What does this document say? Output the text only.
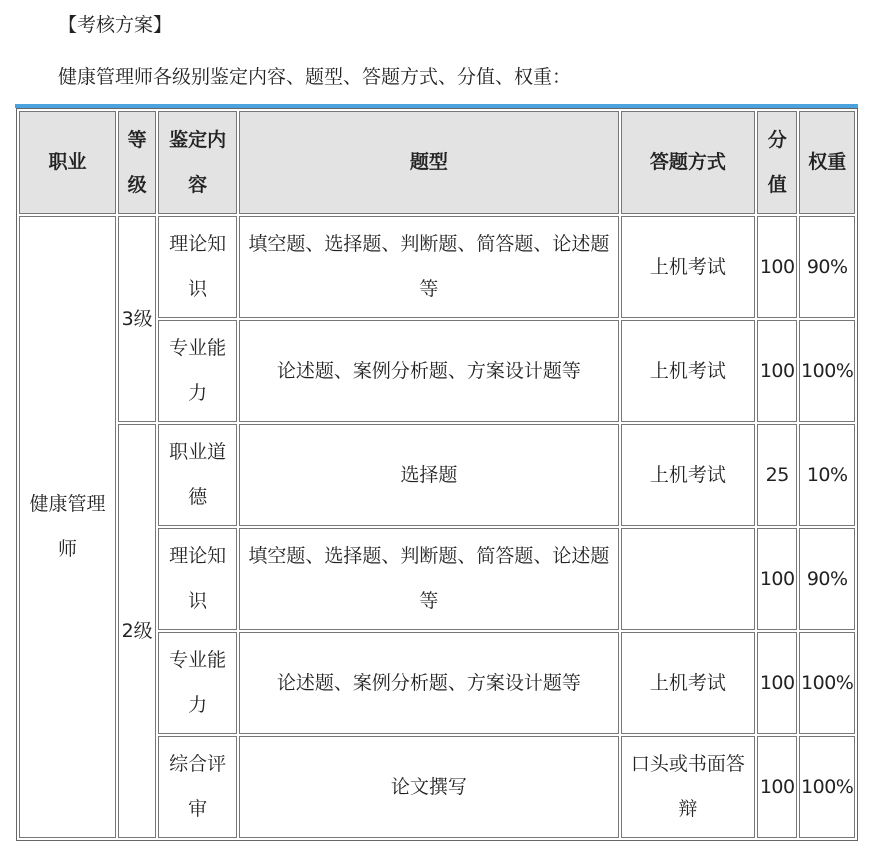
【考核方案】
健康管理师各级别鉴定内容、题型、答题方式、分值、权重：
职业	等级	鉴定内容	题型	答题方式	分值	权重
健康管理师	3级	理论知识	填空题、选择题、判断题、简答题、论述题等	上机考试	100	90%
		专业能力	论述题、案例分析题、方案设计题等	上机考试	100	100%
	2级	职业道德	选择题	上机考试	25	10%
		理论知识	填空题、选择题、判断题、简答题、论述题等		100	90%
		专业能力	论述题、案例分析题、方案设计题等	上机考试	100	100%
		综合评审	论文撰写	口头或书面答辩	100	100%
